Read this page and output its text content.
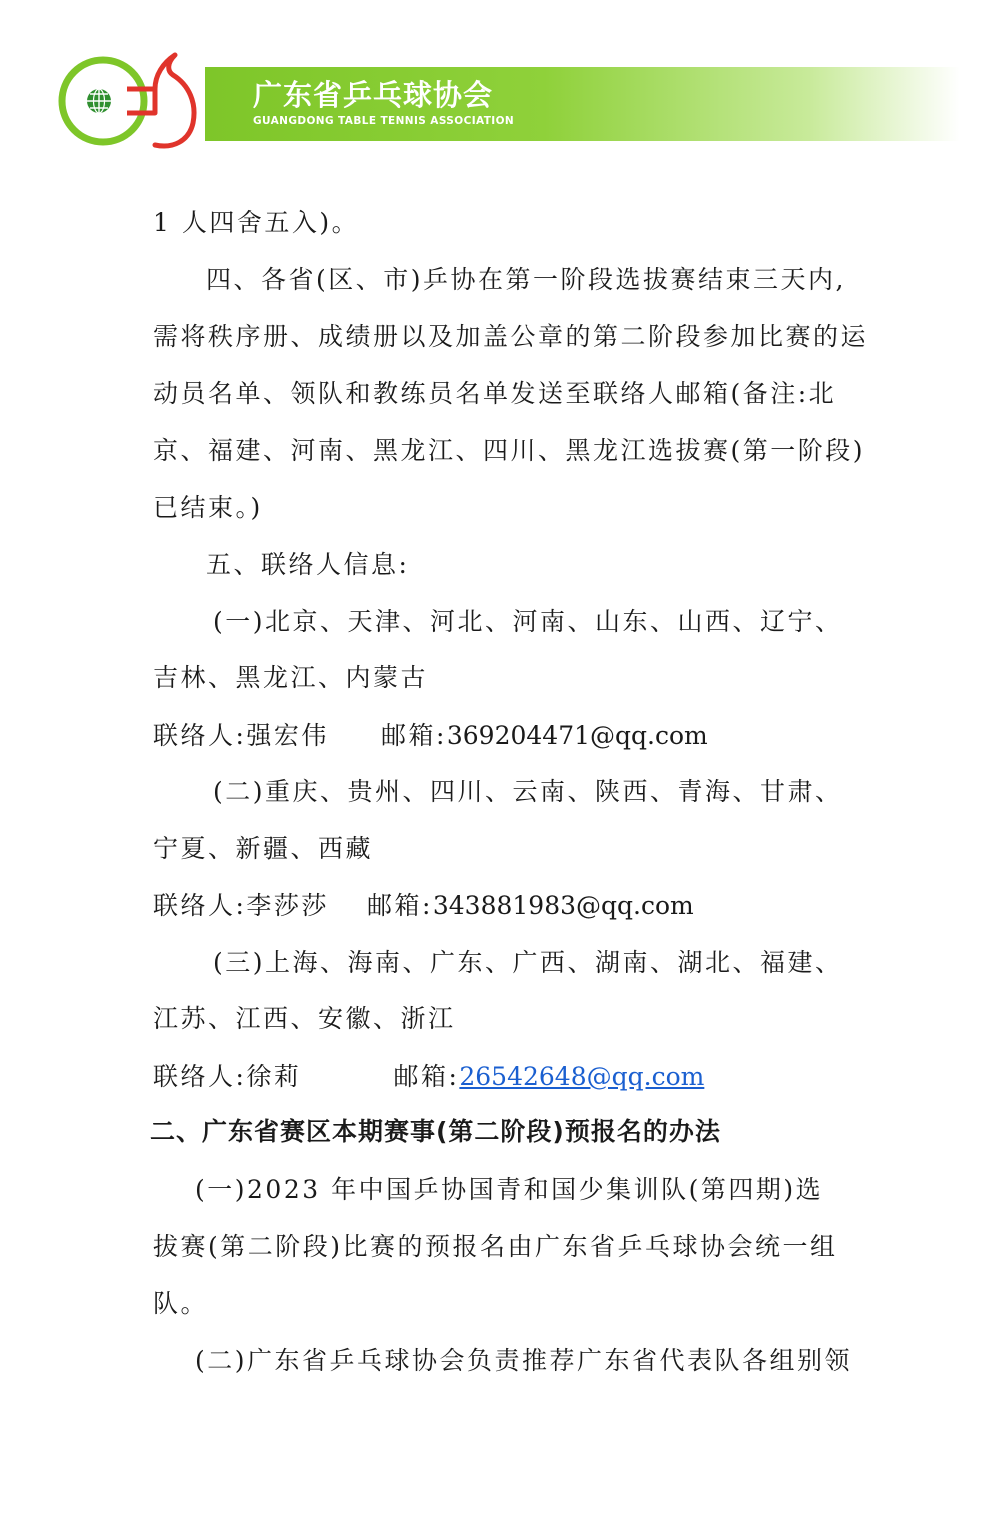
广东省乒乓球协会
GUANGDONG TABLE TENNIS ASSOCIATION
1 人四舍五入)。
四、各省(区、市)乒协在第一阶段选拔赛结束三天内,
需将秩序册、成绩册以及加盖公章的第二阶段参加比赛的运
动员名单、领队和教练员名单发送至联络人邮箱(备注:北
京、福建、河南、黑龙江、四川、黑龙江选拔赛(第一阶段)
已结束。)
五、联络人信息:
(一)北京、天津、河北、河南、山东、山西、辽宁、
吉林、黑龙江、内蒙古
联络人:强宏伟 邮箱:369204471@qq.com
(二)重庆、贵州、四川、云南、陕西、青海、甘肃、
宁夏、新疆、西藏
联络人:李莎莎 邮箱:343881983@qq.com
(三)上海、海南、广东、广西、湖南、湖北、福建、
江苏、江西、安徽、浙江
联络人:徐莉	邮箱:26542648@qq.com
二、广东省赛区本期赛事(第二阶段)预报名的办法
(一)2023 年中国乒协国青和国少集训队(第四期)选
拔赛(第二阶段)比赛的预报名由广东省乒乓球协会统一组
队。
(二)广东省乒乓球协会负责推荐广东省代表队各组别领
